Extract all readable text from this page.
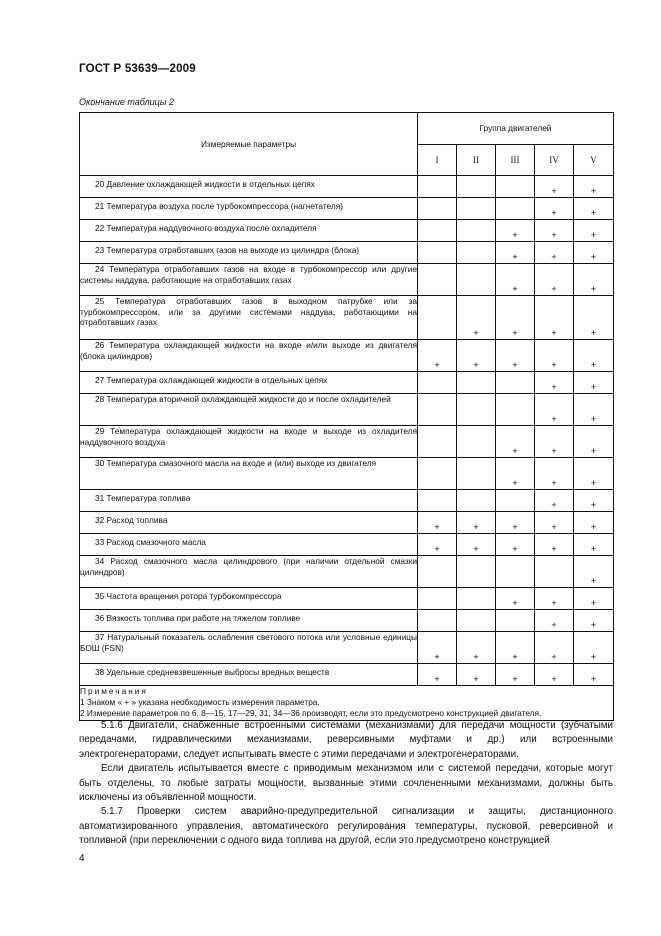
ГОСТ Р 53639—2009
Окончание таблицы 2
Измеряемые параметры	Группа двигателей				
	I	II	III	IV	V
20 Давление охлаждающей жидкости в отдельных цепях				+	+
21 Температура воздуха после турбокомпрессора (нагнетателя)				+	+
22 Температура наддувочного воздуха после охладителя			+	+	+
23 Температура отработавших газов на выходе из цилиндра (блока)			+	+	+
24 Температура отработавших газов на входе в турбокомпрессор или другие системы наддува, работающие на отработавших газах			+	+	+
25 Температура отработавших газов в выходном патрубке или за турбокомпрессором, или за другими системами наддува, работающими на отработавших газах		+	+	+	+
26 Температура охлаждающей жидкости на входе и/или выходе из двигателя (блока цилиндров)	+	+	+	+	+
27 Температура охлаждающей жидкости в отдельных цепях				+	+
28 Температура вторичной охлаждающей жидкости до и после охладителей				+	+
29 Температура охлаждающей жидкости на входе и выходе из охладителя наддувочного воздуха			+	+	+
30 Температура смазочного масла на входе и (или) выходе из двигателя			+	+	+
31 Температура топлива				+	+
32 Расход топлива	+	+	+	+	+
33 Расход смазочного масла	+	+	+	+	+
34 Расход смазочного масла цилиндрового (при наличии отдельной смазки цилиндров)					+
35 Частота вращения ротора турбокомпрессора			+	+	+
36 Вязкость топлива при работе на тяжелом топливе				+	+
37 Натуральный показатель ослабления светового потока или условные единицы БОШ (FSN)	+	+	+	+	+
38 Удельные средневзвешенные выбросы вредных веществ	+	+	+	+	+

Примечания
1 Знаком « + » указана необходимость измерения параметра.
2 Измерение параметров по 6, 8—15, 17—29, 31, 34—36 производят, если это предусмотрено конструкцией двигателя.					

5.1.6 Двигатели, снабженные встроенными системами (механизмами) для передачи мощности (зубчатыми передачами, гидравлическими механизмами, реверсивными муфтами и др.) или встроенными электрогенераторами, следует испытывать вместе с этими передачами и электрогенераторами.

Если двигатель испытывается вместе с приводимым механизмом или с системой передачи, которые могут быть отделены, то любые затраты мощности, вызванные этими сочлененными механизмами, должны быть исключены из объявленной мощности.

5.1.7 Проверки систем аварийно-предупредительной сигнализации и защиты, дистанционного автоматизированного управления, автоматического регулирования температуры, пусковой, реверсивной и топливной (при переключении с одного вида топлива на другой, если это предусмотрено конструкцией

4
